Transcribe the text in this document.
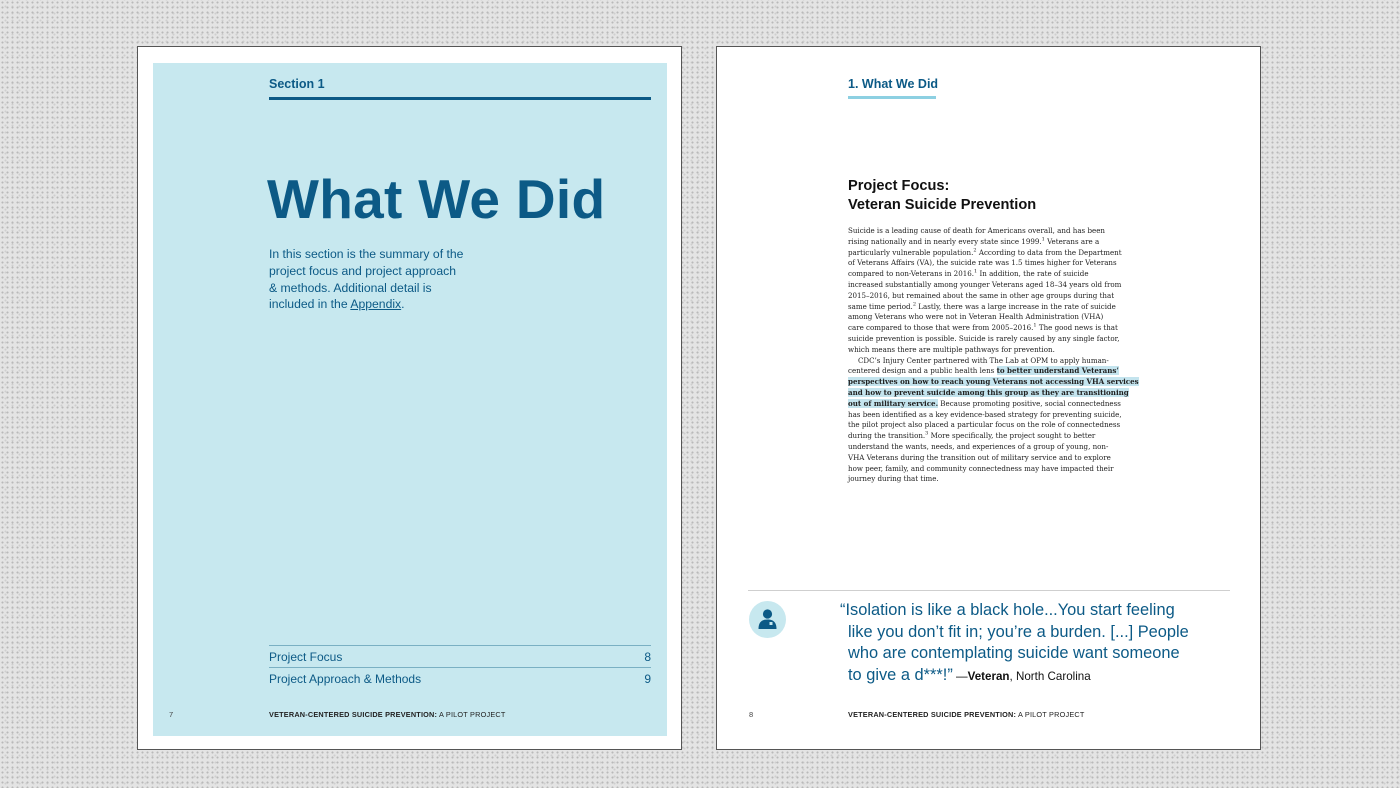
Section 1
What We Did
In this section is the summary of the
project focus and project approach
& methods. Additional detail is
included in the Appendix.
Project Focus	8
Project Approach & Methods	9
7	VETERAN-CENTERED SUICIDE PREVENTION: A PILOT PROJECT
1. What We Did
Project Focus:
Veteran Suicide Prevention
Suicide is a leading cause of death for Americans overall, and has been
rising nationally and in nearly every state since 1999.$^1$ Veterans are a
particularly vulnerable population.$^2$ According to data from the Department
of Veterans Affairs (VA), the suicide rate was 1.5 times higher for Veterans
compared to non-Veterans in 2016.$^1$ In addition, the rate of suicide
increased substantially among younger Veterans aged 18–34 years old from
2015–2016, but remained about the same in other age groups during that
same time period.$^2$ Lastly, there was a large increase in the rate of suicide
among Veterans who were not in Veteran Health Administration (VHA)
care compared to those that were from 2005–2016.$^1$ The good news is that
suicide prevention is possible. Suicide is rarely caused by any single factor,
which means there are multiple pathways for prevention.
CDC’s Injury Center partnered with The Lab at OPM to apply human-
centered design and a public health lens to better understand Veterans’
perspectives on how to reach young Veterans not accessing VHA services
and how to prevent suicide among this group as they are transitioning
out of military service. Because promoting positive, social connectedness
has been identified as a key evidence-based strategy for preventing suicide,
the pilot project also placed a particular focus on the role of connectedness
during the transition.$^3$ More specifically, the project sought to better
understand the wants, needs, and experiences of a group of young, non-
VHA Veterans during the transition out of military service and to explore
how peer, family, and community connectedness may have impacted their
journey during that time.
“Isolation is like a black hole...You start feeling
like you don’t fit in; you’re a burden. [...] People
who are contemplating suicide want someone
to give a d***!” —Veteran, North Carolina
8	VETERAN-CENTERED SUICIDE PREVENTION: A PILOT PROJECT
